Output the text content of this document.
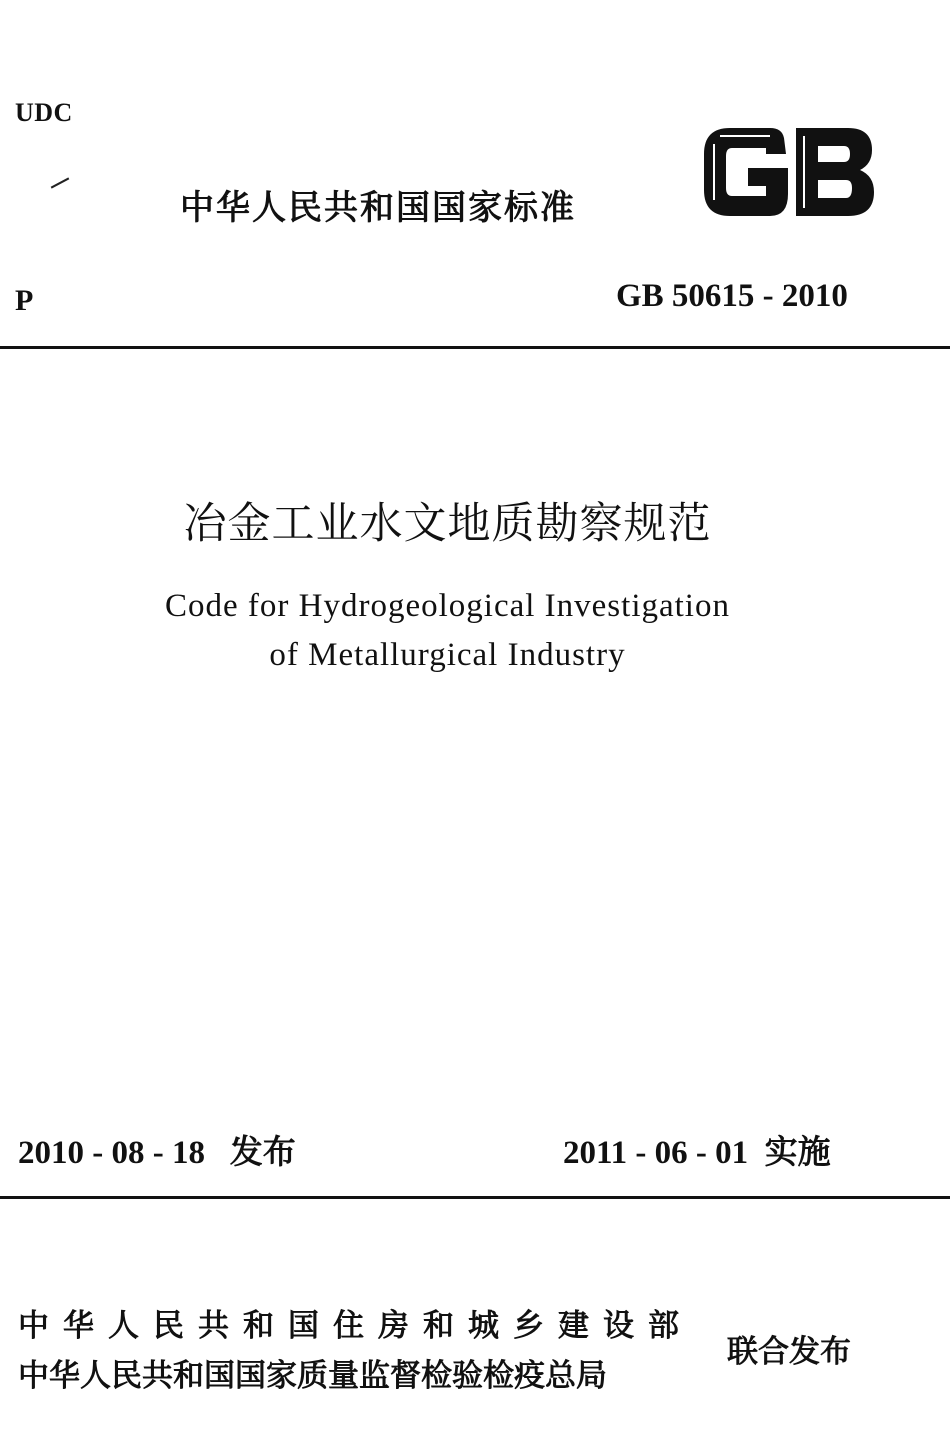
UDC
中华人民共和国国家标准
P	GB 50615 - 2010
冶金工业水文地质勘察规范
Code for Hydrogeological Investigation
of Metallurgical Industry
2010 - 08 - 18 发布	2011 - 06 - 01 实施
中华人民共和国住房和城乡建设部
中华人民共和国国家质量监督检验检疫总局
联合发布
